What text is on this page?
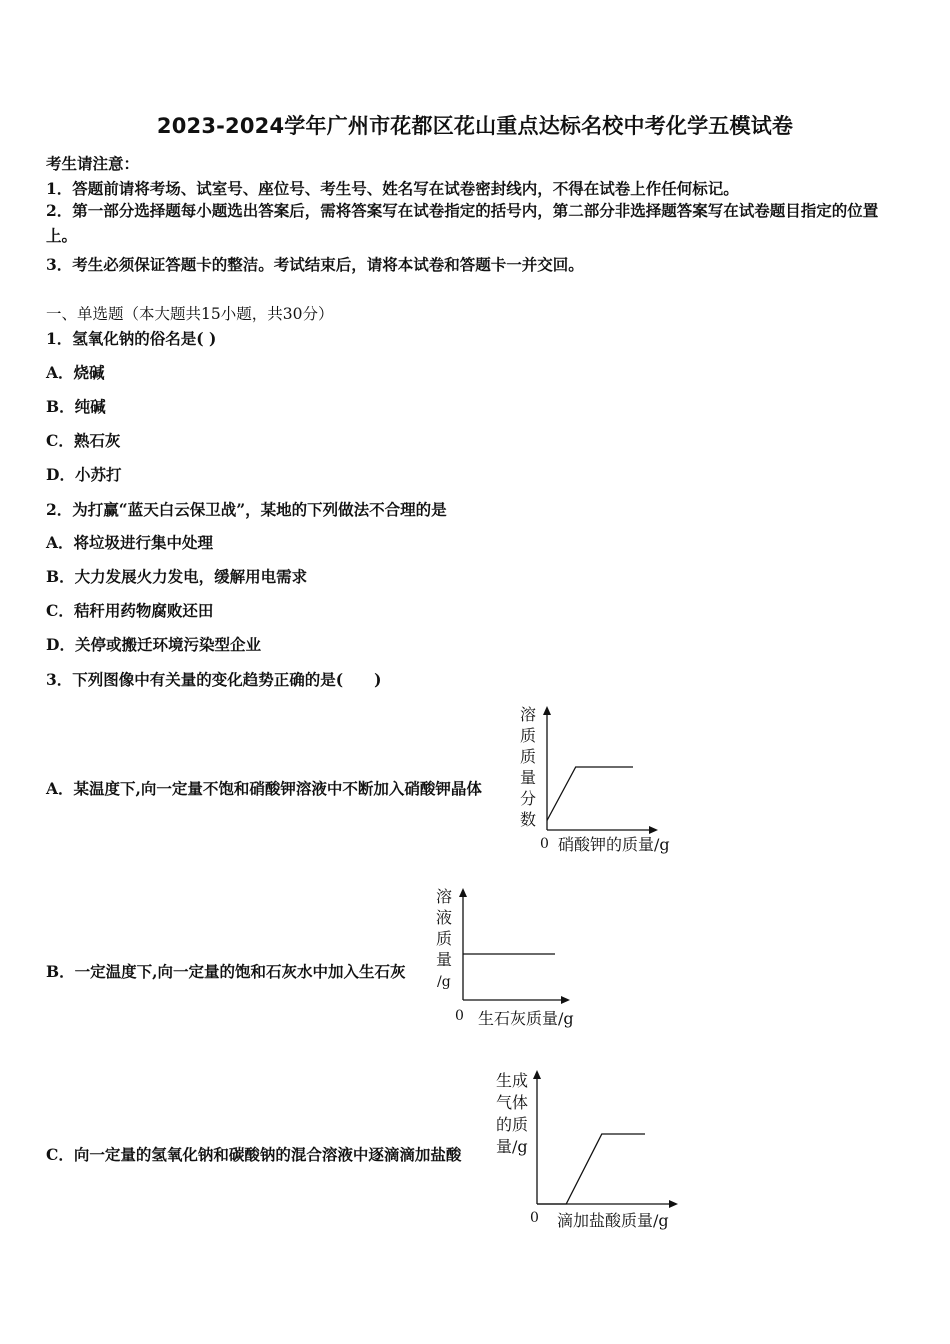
2023-2024学年广州市花都区花山重点达标名校中考化学五模试卷
考生请注意：
1．答题前请将考场、试室号、座位号、考生号、姓名写在试卷密封线内，不得在试卷上作任何标记。
2．第一部分选择题每小题选出答案后，需将答案写在试卷指定的括号内，第二部分非选择题答案写在试卷题目指定的位置上。
3．考生必须保证答题卡的整洁。考试结束后，请将本试卷和答题卡一并交回。
一、单选题（本大题共15小题，共30分）
1．氢氧化钠的俗名是( )
A．烧碱
B．纯碱
C．熟石灰
D．小苏打
2．为打赢“蓝天白云保卫战”，某地的下列做法不合理的是
A．将垃圾进行集中处理
B．大力发展火力发电，缓解用电需求
C．秸秆用药物腐败还田
D．关停或搬迁环境污染型企业
3．下列图像中有关量的变化趋势正确的是(　　)
A．某温度下,向一定量不饱和硝酸钾溶液中不断加入硝酸钾晶体
B．一定温度下,向一定量的饱和石灰水中加入生石灰
C．向一定量的氢氧化钠和碳酸钠的混合溶液中逐滴滴加盐酸
溶
质
质
量
分
数
0 硝酸钾的质量/g
溶
液
质
量
/g
0 生石灰质量/g
生成
气体
的质
量/g
0 滴加盐酸质量/g
